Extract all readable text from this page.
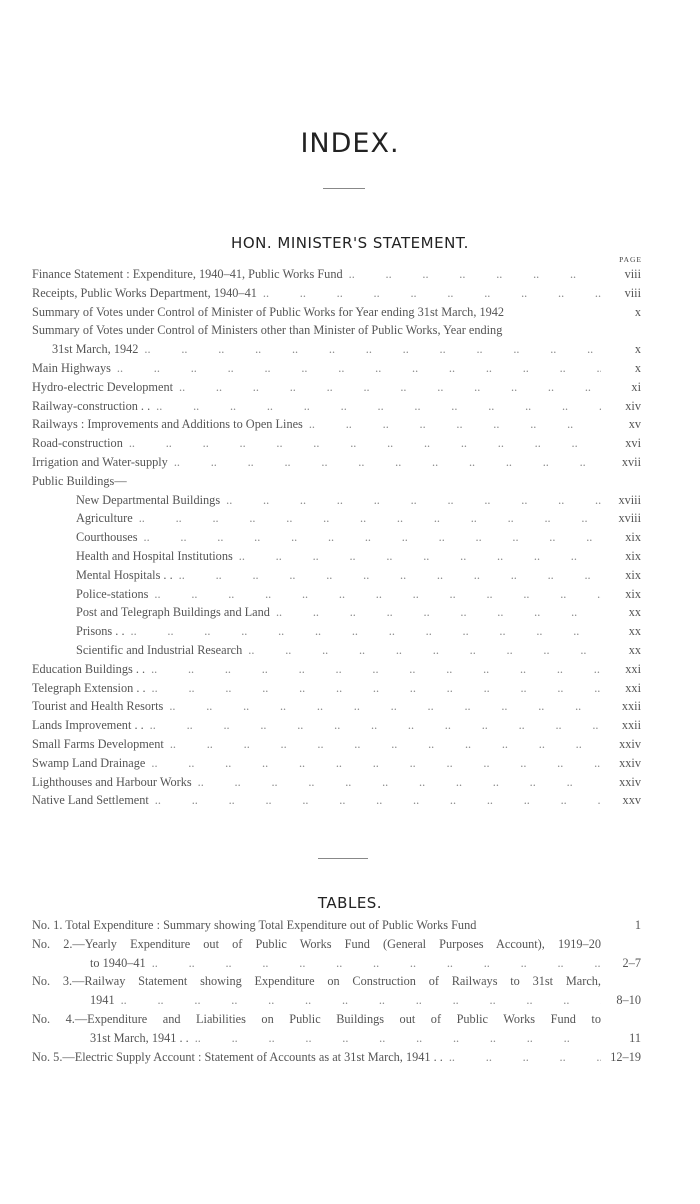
INDEX.
HON. MINISTER'S STATEMENT.
PAGE
Finance Statement : Expenditure, 1940–41, Public Works Fund ..	viii
Receipts, Public Works Department, 1940–41 ..	viii
Summary of Votes under Control of Minister of Public Works for Year ending 31st March, 1942	x
Summary of Votes under Control of Ministers other than Minister of Public Works, Year ending
31st March, 1942 ..	x
Main Highways ..	x
Hydro-electric Development ..	xi
Railway-construction . . ..	xiv
Railways : Improvements and Additions to Open Lines ..	xv
Road-construction ..	xvi
Irrigation and Water-supply ..	xvii
Public Buildings—
New Departmental Buildings ..	xviii
Agriculture ..	xviii
Courthouses ..	xix
Health and Hospital Institutions ..	xix
Mental Hospitals . . ..	xix
Police-stations ..	xix
Post and Telegraph Buildings and Land ..	xx
Prisons . . ..	xx
Scientific and Industrial Research ..	xx
Education Buildings . . ..	xxi
Telegraph Extension . . ..	xxi
Tourist and Health Resorts ..	xxii
Lands Improvement . . ..	xxii
Small Farms Development ..	xxiv
Swamp Land Drainage ..	xxiv
Lighthouses and Harbour Works ..	xxiv
Native Land Settlement ..	xxv
TABLES.
No. 1. Total Expenditure : Summary showing Total Expenditure out of Public Works Fund	1
No. 2.—Yearly Expenditure out of Public Works Fund (General Purposes Account), 1919–20
to 1940–41 ..	2–7
No. 3.—Railway Statement showing Expenditure on Construction of Railways to 31st March,
1941 ..	8–10
No. 4.—Expenditure and Liabilities on Public Buildings out of Public Works Fund to
31st March, 1941 . . ..	11
No. 5.—Electric Supply Account : Statement of Accounts as at 31st March, 1941 . . ..	12–19
